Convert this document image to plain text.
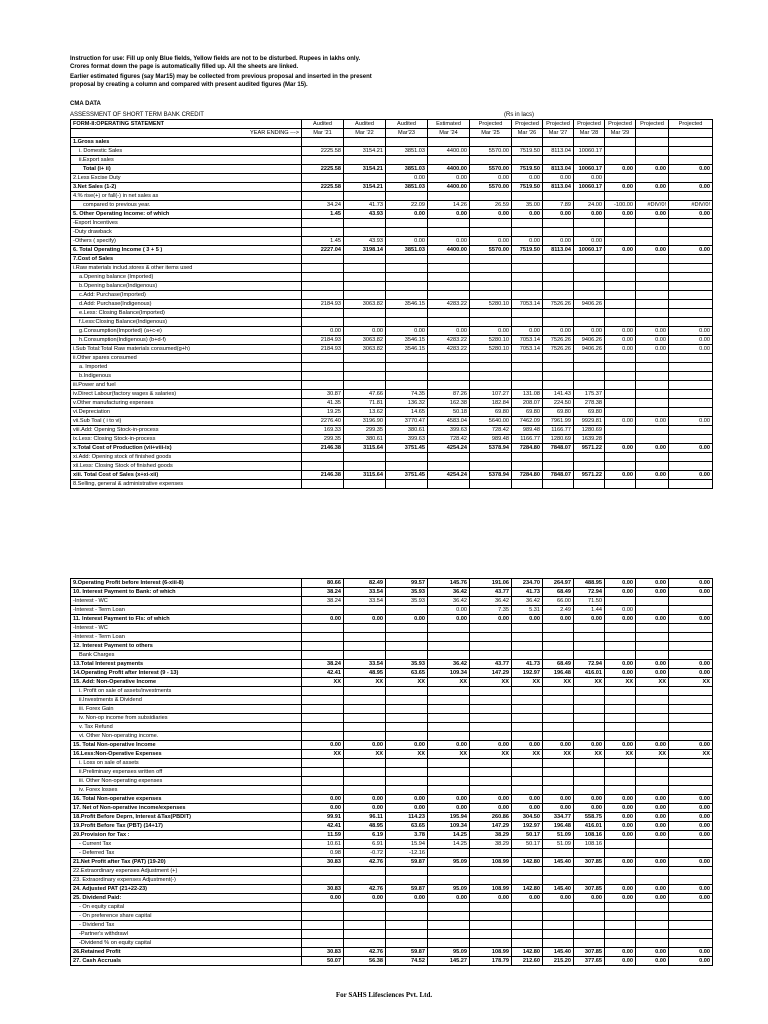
Instruction for use: Fill up only Blue fields, Yellow fields are not to be disturbed. Rupees in lakhs only.

Crores format down the page is automatically filled up. All the sheets are linked.

Earlier estimated figures (say Mar15) may be collected from previous proposal and inserted in the present

proposal by creating a column and compared with present audited figures (Mar 15).

CMA DATA
ASSESSMENT OF SHORT TERM BANK CREDIT	(Rs in lacs)
FORM-II:OPERATING STATEMENT	Audited	Audited	Audited	Estimated	Projected	Projected	Projected	Projected	Projected	Projected	Projected
YEAR ENDING --->	Mar '21	Mar '22	Mar'23	Mar '24	Mar '25	Mar '26	Mar '27	Mar '28	Mar '29		
1.Gross sales											
i. Domestic Sales	2225.58	3154.21	3851.03	4400.00	5570.00	7519.50	8113.04	10060.17			
ii.Export sales											
Total (i+ ii)	2225.58	3154.21	3851.03	4400.00	5570.00	7519.50	8113.04	10060.17	0.00	0.00	0.00
2.Less Excise Duty			0.00	0.00	0.00	0.00	0.00	0.00			
3.Net Sales (1-2)	2225.58	3154.21	3851.03	4400.00	5570.00	7519.50	8113.04	10060.17	0.00	0.00	0.00
4.% rise(+) or fall(-) in net sales as											
compared to previous year.	34.24	41.73	22.09	14.26	26.59	35.00	7.89	24.00	-100.00	#DIV/0!	#DIV/0!
5. Other Operating Income: of which	1.45	43.93	0.00	0.00	0.00	0.00	0.00	0.00	0.00	0.00	0.00
-Export Incentives											
-Duty drawback											
-Others ( specify)	1.45	43.93	0.00	0.00	0.00	0.00	0.00	0.00			
6. Total Operating Income ( 3 + 5 )	2227.04	3198.14	3851.03	4400.00	5570.00	7519.50	8113.04	10060.17	0.00	0.00	0.00
7.Cost of Sales											
i.Raw materials includ.stores & other items used											
a.Opening balance (Imported)											
b.Opening balance(Indigenous)											
c.Add: Purchase(Imported)											
d.Add: Purchase(Indigenous)	2184.93	3063.82	3546.15	4283.22	5280.10	7053.14	7526.26	9406.26			
e.Less: Closing Balance(Imported)											
f.Less:Closing Balance(Indigenous)											
g.Consumption(Imported) (a+c-e)	0.00	0.00	0.00	0.00	0.00	0.00	0.00	0.00	0.00	0.00	0.00
h.Consumption(Indigenous) (b+d-f)	2184.93	3063.82	3546.15	4283.22	5280.10	7053.14	7526.26	9406.26	0.00	0.00	0.00
i.Sub Total:Total Raw materials consumed(g+h)	2184.93	3063.82	3546.15	4283.22	5280.10	7053.14	7526.26	9406.26	0.00	0.00	0.00
ii.Other spares consumed											
a. Imported											
b.Indigenous											
iii.Power and fuel											
iv.Direct Labour(factory wages & salaries)	30.87	47.66	74.35	87.26	107.27	131.08	141.43	175.37			
v.Other manufacturing expenses	41.35	71.81	136.32	162.38	182.84	208.07	224.50	278.38			
vi.Depreciation	19.25	13.62	14.65	50.18	69.80	69.80	69.80	69.80			
vii.Sub Toal ( i to vi)	2276.40	3196.90	3770.47	4583.04	5640.00	7462.09	7961.99	9929.81	0.00	0.00	0.00
viii.Add: Opening Stock-in-process	169.33	299.35	380.61	399.63	728.42	989.48	1166.77	1280.69			
ix.Less: Closing Stock-in-process	299.35	380.61	399.63	728.42	989.48	1166.77	1280.69	1639.28			
x.Total Cost of Production (vii+viii-ix)	2146.38	3115.64	3751.45	4254.24	5378.94	7284.80	7848.07	9571.22	0.00	0.00	0.00
xi.Add: Opening stock of finished goods											
xii.Less: Closing Stock of finished goods											
xiii. Total Cost of Sales (x+xi-xii)	2146.38	3115.64	3751.45	4254.24	5378.94	7284.80	7848.07	9571.22	0.00	0.00	0.00
8.Selling, general & administrative expenses											
9.Operating Profit before Interest (6-xiii-8)	80.66	82.49	99.57	145.76	191.06	234.70	264.97	488.95	0.00	0.00	0.00
10. Interest Payment to Bank: of which	38.24	33.54	35.93	36.42	43.77	41.73	68.49	72.94	0.00	0.00	0.00
-Interest - WC	38.24	33.54	35.93	36.42	36.42	36.42	66.00	71.50			
-Interest - Term Loan				0.00	7.35	5.31	2.49	1.44	0.00		
11. Interest Payment to FIs: of which	0.00	0.00	0.00	0.00	0.00	0.00	0.00	0.00	0.00	0.00	0.00
-Interest - WC											
-Interest - Term Loan											
12. Interest Payment to others											
Bank Charges											
13.Total Interest payments	38.24	33.54	35.93	36.42	43.77	41.73	68.49	72.94	0.00	0.00	0.00
14.Operating Profit after Interest (9 - 13)	42.41	48.95	63.65	109.34	147.29	192.97	196.48	416.01	0.00	0.00	0.00
15. Add: Non-Operative Income	XX	XX	XX	XX	XX	XX	XX	XX	XX	XX	XX
i. Profit on sale of assets/investments											
ii.Investments & Dividend											
iii. Forex Gain											
iv. Non-op income from subsidiaries											
v. Tax Refund											
vi. Other Non-operating income.											
15. Total Non-operative Income	0.00	0.00	0.00	0.00	0.00	0.00	0.00	0.00	0.00	0.00	0.00
16.Less:Non-Operative Expenses	XX	XX	XX	XX	XX	XX	XX	XX	XX	XX	XX
i. Loss on sale of assets											
ii.Preliminary expenses written off											
iii. Other Non-operating expenses											
iv. Forex losses											
16. Total Non-operative expenses	0.00	0.00	0.00	0.00	0.00	0.00	0.00	0.00	0.00	0.00	0.00
17. Net of Non-operative income/expenses	0.00	0.00	0.00	0.00	0.00	0.00	0.00	0.00	0.00	0.00	0.00
18.Profit Before Deprn, Interest &Tax(PBDIT)	99.91	96.11	114.23	195.94	260.86	304.50	334.77	558.75	0.00	0.00	0.00
19.Profit Before Tax (PBT) (14+17)	42.41	48.95	63.65	109.34	147.29	192.97	196.48	416.01	0.00	0.00	0.00
20.Provision for Tax :	11.59	6.19	3.78	14.25	38.29	50.17	51.09	108.16	0.00	0.00	0.00
- Current Tax	10.61	6.91	15.94	14.25	38.29	50.17	51.09	108.16			
- Deferred Tax	0.98	-0.72	-12.16								
21.Net Profit after Tax (PAT) (19-20)	30.83	42.76	59.87	95.09	108.99	142.80	145.40	307.85	0.00	0.00	0.00
22.Extraordinary expenses Adjustment (+)											
23. Extraordinary expenses Adjustment(-)											
24. Adjusted PAT (21+22-23)	30.83	42.76	59.87	95.09	108.99	142.80	145.40	307.85	0.00	0.00	0.00
25. Dividend Paid:	0.00	0.00	0.00	0.00	0.00	0.00	0.00	0.00	0.00	0.00	0.00
- On equity capital											
- On preference share capital											
- Dividend Tax											
-Partner's withdrawl											
-Dividend % on equity capital											
26.Retained Profit	30.83	42.76	59.87	95.09	108.99	142.80	145.40	307.85	0.00	0.00	0.00
27. Cash Accruals	50.07	56.38	74.52	145.27	178.79	212.60	215.20	377.65	0.00	0.00	0.00
For SAHS Lifesciences Pvt. Ltd.
